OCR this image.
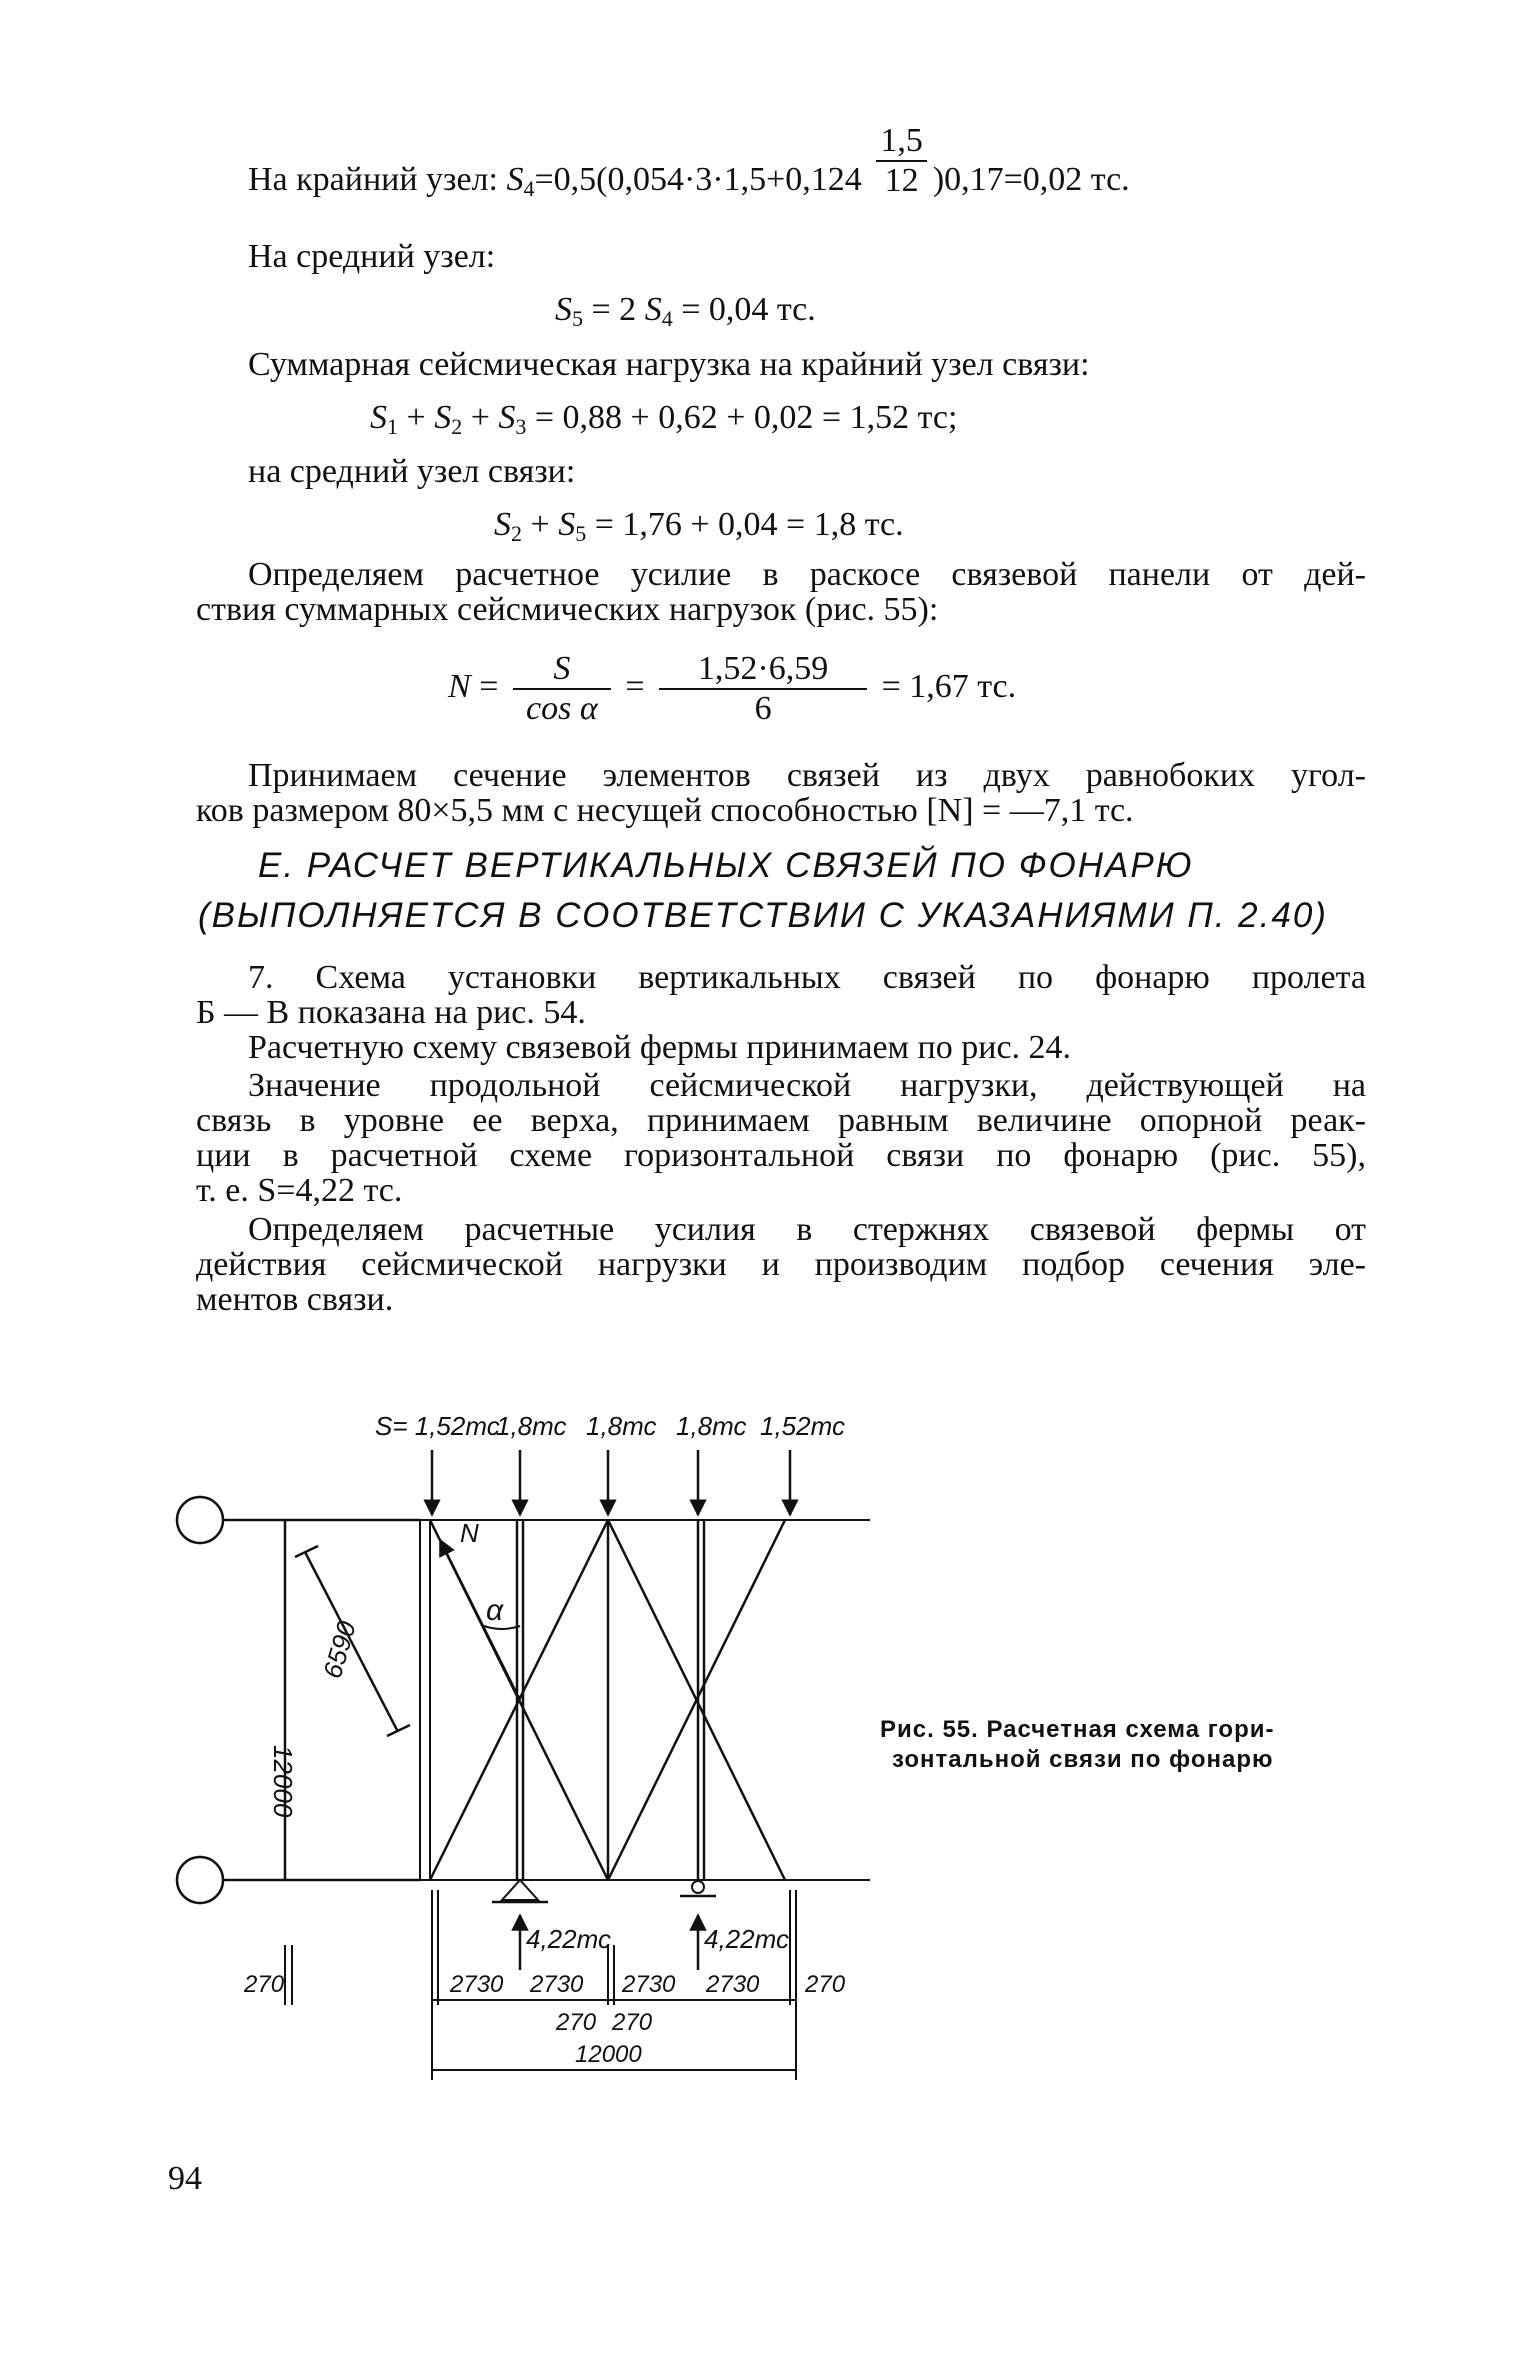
На крайний узел: $S_4=0,5(0,054\cdot 3\cdot 1,5+0,124 \frac{1,5}{12} )0,17=0,02$ тс.
На средний узел:
$S_5 = 2$ $S_4 = 0,04$ тс.
Суммарная сейсмическая нагрузка на крайний узел связи:
$S_1 + S_2 + S_3 = 0,88 + 0,62 + 0,02 = 1,52$ тс;
на средний узел связи:
$S_2 + S_5 = 1,76 + 0,04 = 1,8$ тс.
Определяем расчетное усилие в раскосе связевой панели от дей-
ствия суммарных сейсмических нагрузок (рис. 55):
$N = \frac{S}{\text{cos α}} = \frac{1,52\cdot 6,59}{6} = 1,67$ тс.
Принимаем сечение элементов связей из двух равнобоких угол-
ков размером 80×5,5 мм с несущей способностью [N] = —7,1 тс.
Е. РАСЧЕТ ВЕРТИКАЛЬНЫХ СВЯЗЕЙ ПО ФОНАРЮ
(ВЫПОЛНЯЕТСЯ В СООТВЕТСТВИИ С УКАЗАНИЯМИ П. 2.40)
7. Схема установки вертикальных связей по фонарю пролета
Б — В показана на рис. 54.
Расчетную схему связевой фермы принимаем по рис. 24.
Значение продольной сейсмической нагрузки, действующей на
связь в уровне ее верха, принимаем равным величине опорной реак-
ции в расчетной схеме горизонтальной связи по фонарю (рис. 55),
т. е. S=4,22 тс.
Определяем расчетные усилия в стержнях связевой фермы от
действия сейсмической нагрузки и производим подбор сечения эле-
ментов связи.
S= 1,52тс
1,8тс 1,8тс 1,8тс 1,52тс
N
α
6590
12000
4,22тс	4,22тс
270	2730 2730 2730 2730 270
270 270
12000
Рис. 55. Расчетная схема гори-
зонтальной связи по фонарю
94
